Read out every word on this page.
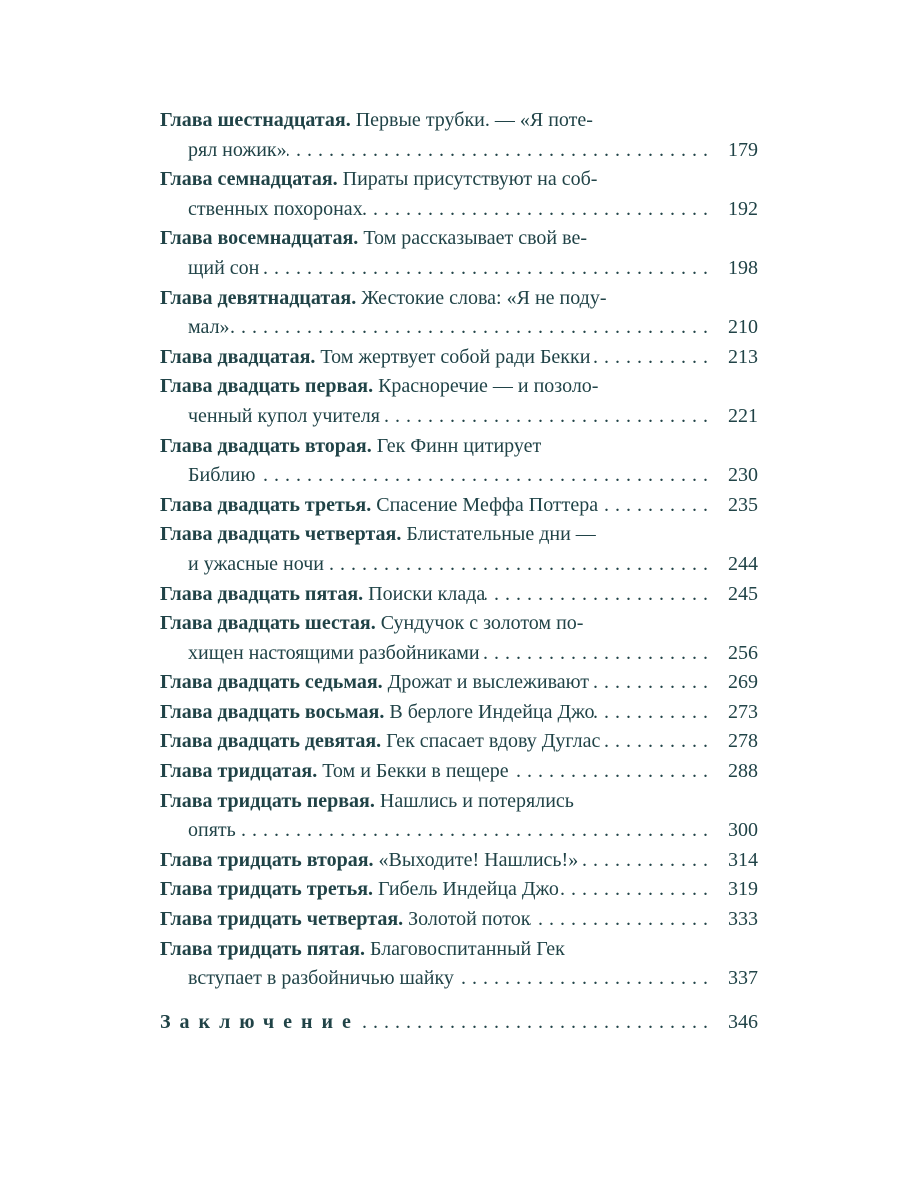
Глава шестнадцатая. Первые трубки. — «Я поте-
рял ножик» .....	179
Глава семнадцатая. Пираты присутствуют на соб-
ственных похоронах .....	192
Глава восемнадцатая. Том рассказывает свой ве-
щий сон .....	198
Глава девятнадцатая. Жестокие слова: «Я не поду-
мал» .....	210
Глава двадцатая. Том жертвует собой ради Бекки .....	213
Глава двадцать первая. Красноречие — и позоло-
ченный купол учителя .....	221
Глава двадцать вторая. Гек Финн цитирует
Библию .....	230
Глава двадцать третья. Спасение Меффа Поттера .....	235
Глава двадцать четвертая. Блистательные дни —
и ужасные ночи .....	244
Глава двадцать пятая. Поиски клада .....	245
Глава двадцать шестая. Сундучок с золотом по-
хищен настоящими разбойниками .....	256
Глава двадцать седьмая. Дрожат и выслеживают .....	269
Глава двадцать восьмая. В берлоге Индейца Джо .....	273
Глава двадцать девятая. Гек спасает вдову Дуглас .....	278
Глава тридцатая. Том и Бекки в пещере .....	288
Глава тридцать первая. Нашлись и потерялись
опять .....	300
Глава тридцать вторая. «Выходите! Нашлись!» .....	314
Глава тридцать третья. Гибель Индейца Джо .....	319
Глава тридцать четвертая. Золотой поток .....	333
Глава тридцать пятая. Благовоспитанный Гек
вступает в разбойничью шайку .....	337
Заключение .....	346
